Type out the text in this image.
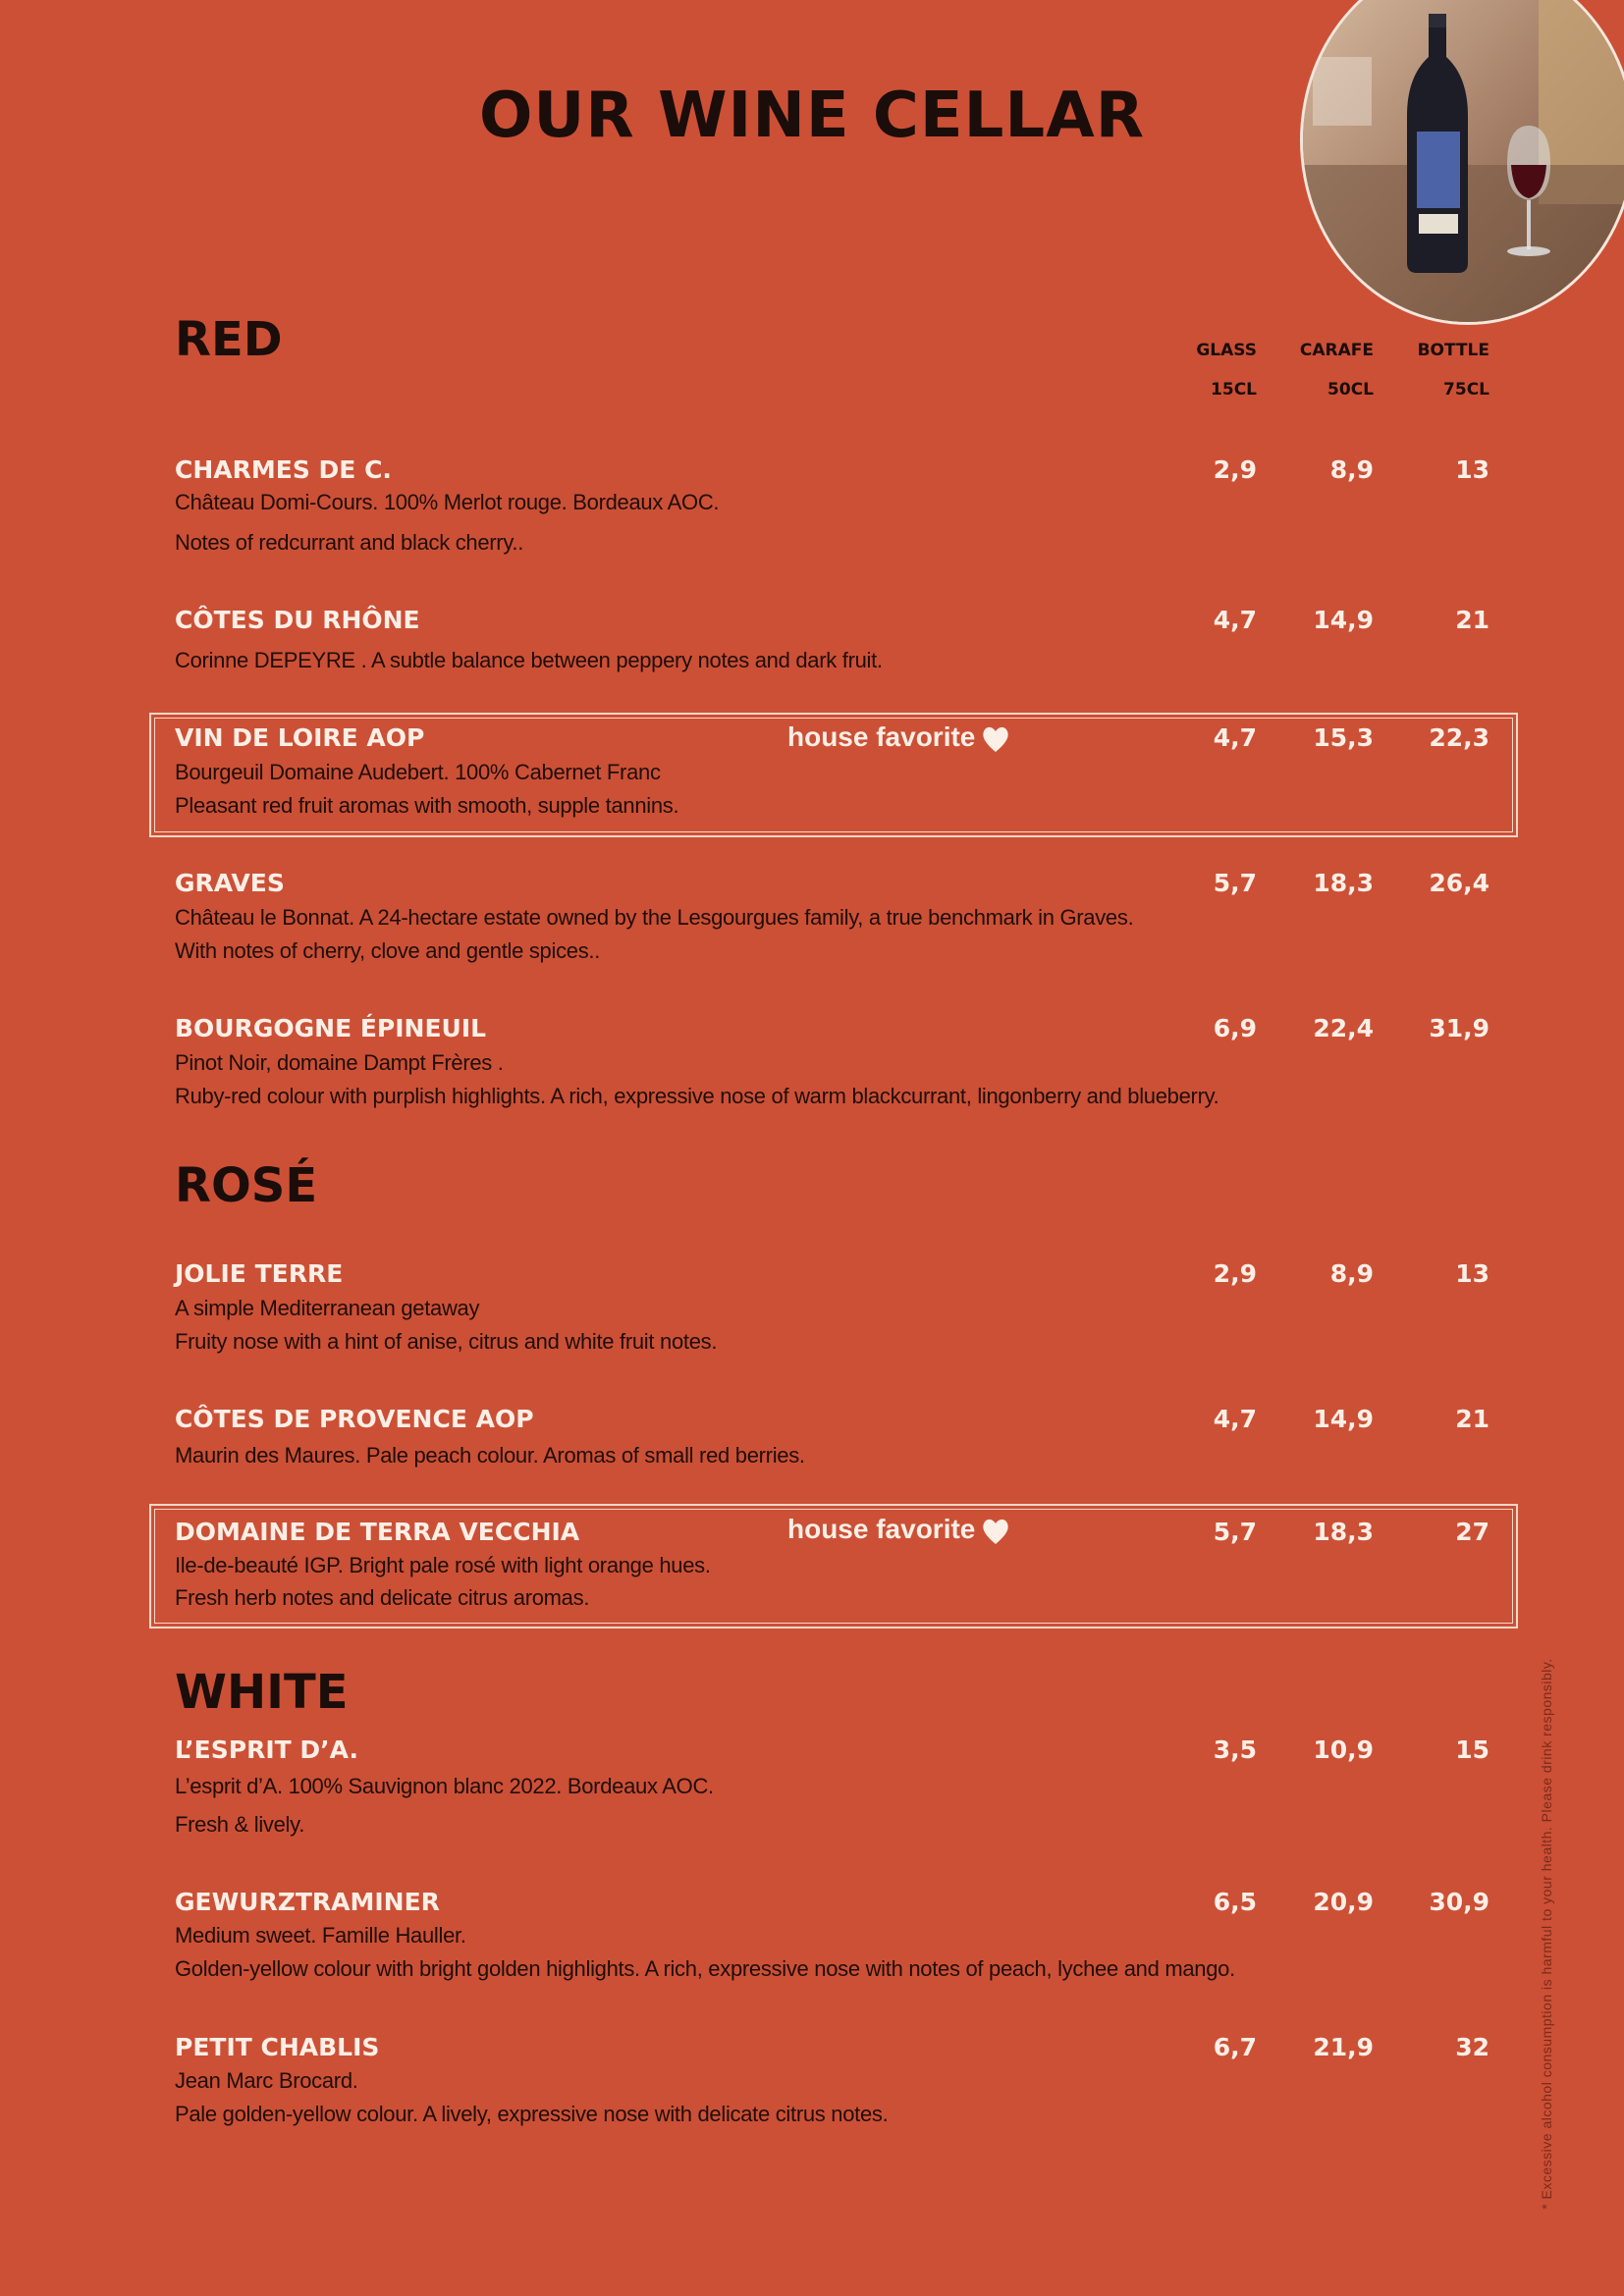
OUR WINE CELLAR
GLASS	CARAFE	BOTTLE
15CL	50CL	75CL
RED
ROSÉ
WHITE
CHARMES DE C.
Château Domi-Cours. 100% Merlot rouge. Bordeaux AOC.
Notes of redcurrant and black cherry..
2,9	8,9	13
CÔTES DU RHÔNE
Corinne DEPEYRE . A subtle balance between peppery notes and dark fruit.
4,7	14,9	21
VIN DE LOIRE AOP	house favorite
Bourgeuil Domaine Audebert. 100% Cabernet Franc
Pleasant red fruit aromas with smooth, supple tannins.
4,7	15,3	22,3
GRAVES
Château le Bonnat. A 24-hectare estate owned by the Lesgourgues family, a true benchmark in Graves.
With notes of cherry, clove and gentle spices..
5,7	18,3	26,4
BOURGOGNE ÉPINEUIL
Pinot Noir, domaine Dampt Frères .
Ruby-red colour with purplish highlights. A rich, expressive nose of warm blackcurrant, lingonberry and blueberry.
6,9	22,4	31,9
JOLIE TERRE
A simple Mediterranean getaway
Fruity nose with a hint of anise, citrus and white fruit notes.
2,9	8,9	13
CÔTES DE PROVENCE AOP
Maurin des Maures. Pale peach colour. Aromas of small red berries.
4,7	14,9	21
DOMAINE DE TERRA VECCHIA	house favorite
Ile-de-beauté IGP. Bright pale rosé with light orange hues.
Fresh herb notes and delicate citrus aromas.
5,7	18,3	27
L’ESPRIT D’A.
L’esprit d’A. 100% Sauvignon blanc 2022. Bordeaux AOC.
Fresh & lively.
3,5	10,9	15
GEWURZTRAMINER
Medium sweet. Famille Hauller.
Golden-yellow colour with bright golden highlights. A rich, expressive nose with notes of peach, lychee and mango.
6,5	20,9	30,9
PETIT CHABLIS
Jean Marc Brocard.
Pale golden-yellow colour. A lively, expressive nose with delicate citrus notes.
6,7	21,9	32	* Excessive alcohol consumption is harmful to your health. Please drink responsibly.
